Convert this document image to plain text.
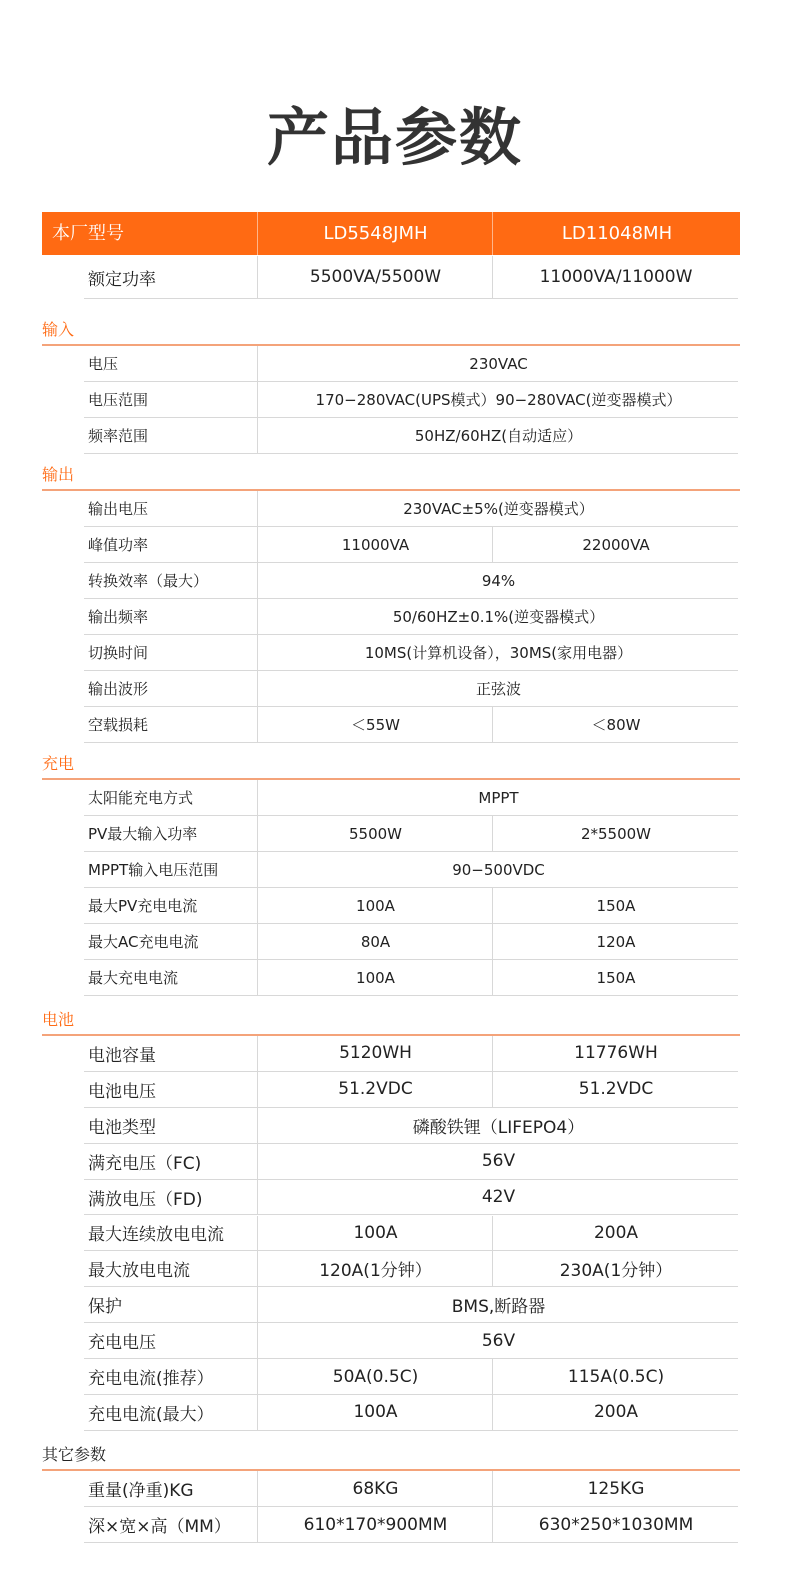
产品参数
本厂型号	LD5548JMH	LD11048MH
额定功率	5500VA/5500W	11000VA/11000W
输入
输出
充电
电池
其它参数
电压	230VAC
电压范围	170−280VAC(UPS模式）90−280VAC(逆变器模式）
频率范围	50HZ/60HZ(自动适应）
输出电压	230VAC±5%(逆变器模式）
峰值功率	11000VA	22000VA
转换效率（最大）	94%
输出频率	50/60HZ±0.1%(逆变器模式）
切换时间	10MS(计算机设备），30MS(家用电器）
输出波形	正弦波
空载损耗	＜55W	＜80W
太阳能充电方式	MPPT
PV最大输入功率	5500W	2*5500W
MPPT输入电压范围	90−500VDC
最大PV充电电流	100A	150A
最大AC充电电流	80A	120A
最大充电电流	100A	150A
电池容量	5120WH	11776WH
电池电压	51.2VDC	51.2VDC
电池类型	磷酸铁锂（LIFEPO4）
满充电压（FC)	56V
满放电压（FD)	42V
最大连续放电电流	100A	200A
最大放电电流	120A(1分钟）	230A(1分钟）
保护	BMS,断路器
充电电压	56V
充电电流(推荐）	50A(0.5C)	115A(0.5C)
充电电流(最大）	100A	200A
重量(净重)KG	68KG	125KG
深×宽×高（MM）	610*170*900MM	630*250*1030MM
